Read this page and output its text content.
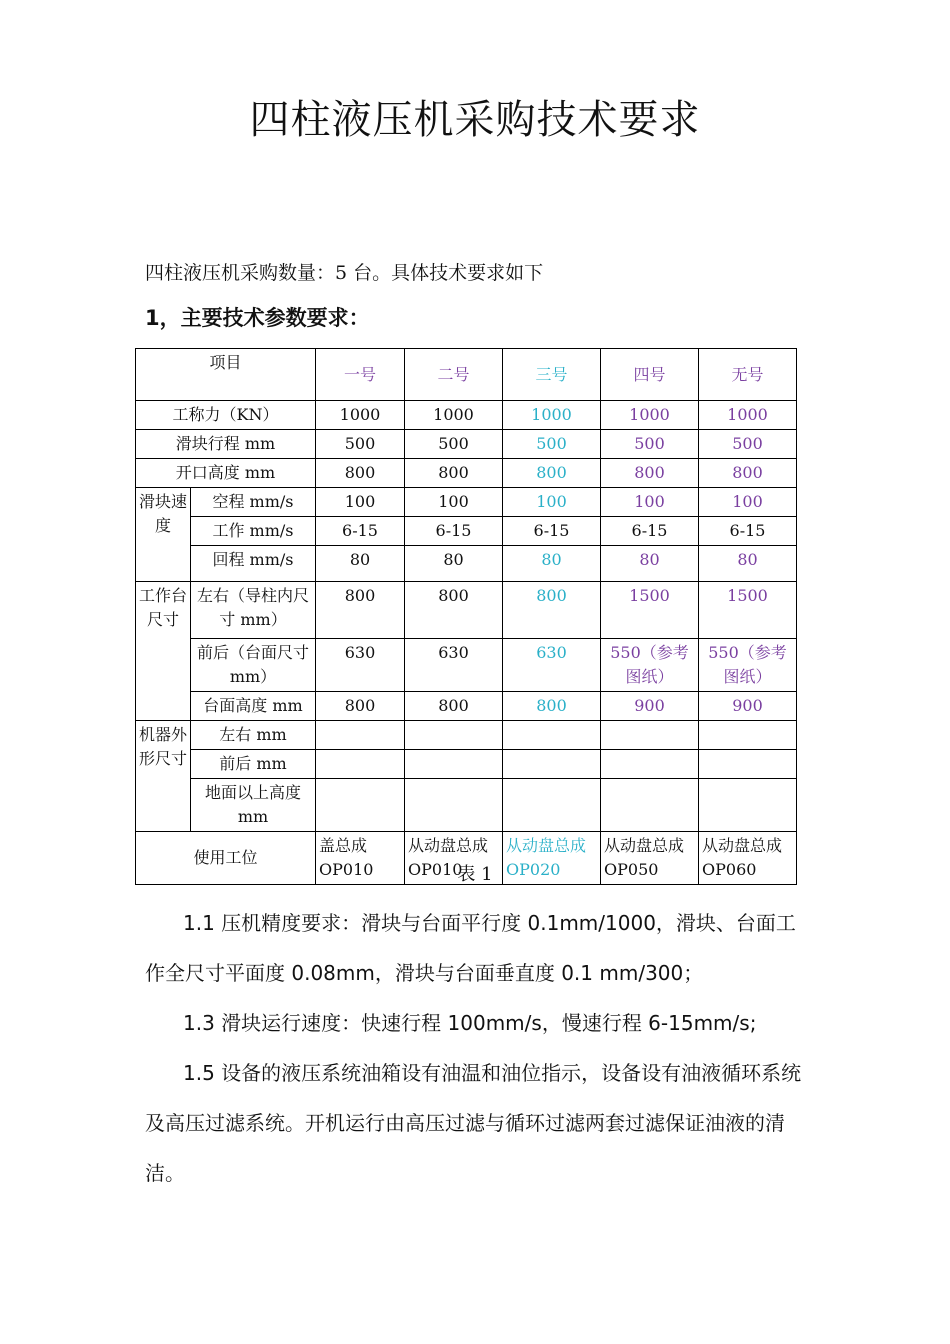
四柱液压机采购技术要求
四柱液压机采购数量：5 台。具体技术要求如下
1，主要技术参数要求：
项目		一号	二号	三号	四号	无号
工称力（KN）		1000	1000	1000	1000	1000
滑块行程 mm		500	500	500	500	500
开口高度 mm		800	800	800	800	800
滑块速度	空程 mm/s	100	100	100	100	100
	工作 mm/s	6-15	6-15	6-15	6-15	6-15
	回程 mm/s	80	80	80	80	80
工作台尺寸	左右（导柱内尺寸 mm）	800	800	800	1500	1500
	前后（台面尺寸 mm）	630	630	630	550（参考图纸）	550（参考图纸）
	台面高度 mm	800	800	800	900	900
机器外形尺寸	左右 mm					
	前后 mm					
	地面以上高度 mm					
使用工位		盖总成 OP010	从动盘总成 OP010	从动盘总成 OP020	从动盘总成 OP050	从动盘总成 OP060
表 1
1.1 压机精度要求：滑块与台面平行度 0.1mm/1000，滑块、台面工作全尺寸平面度 0.08mm，滑块与台面垂直度 0.1 mm/300；
1.3 滑块运行速度：快速行程 100mm/s，慢速行程 6-15mm/s;
1.5 设备的液压系统油箱设有油温和油位指示，设备设有油液循环系统及高压过滤系统。开机运行由高压过滤与循环过滤两套过滤保证油液的清洁。
